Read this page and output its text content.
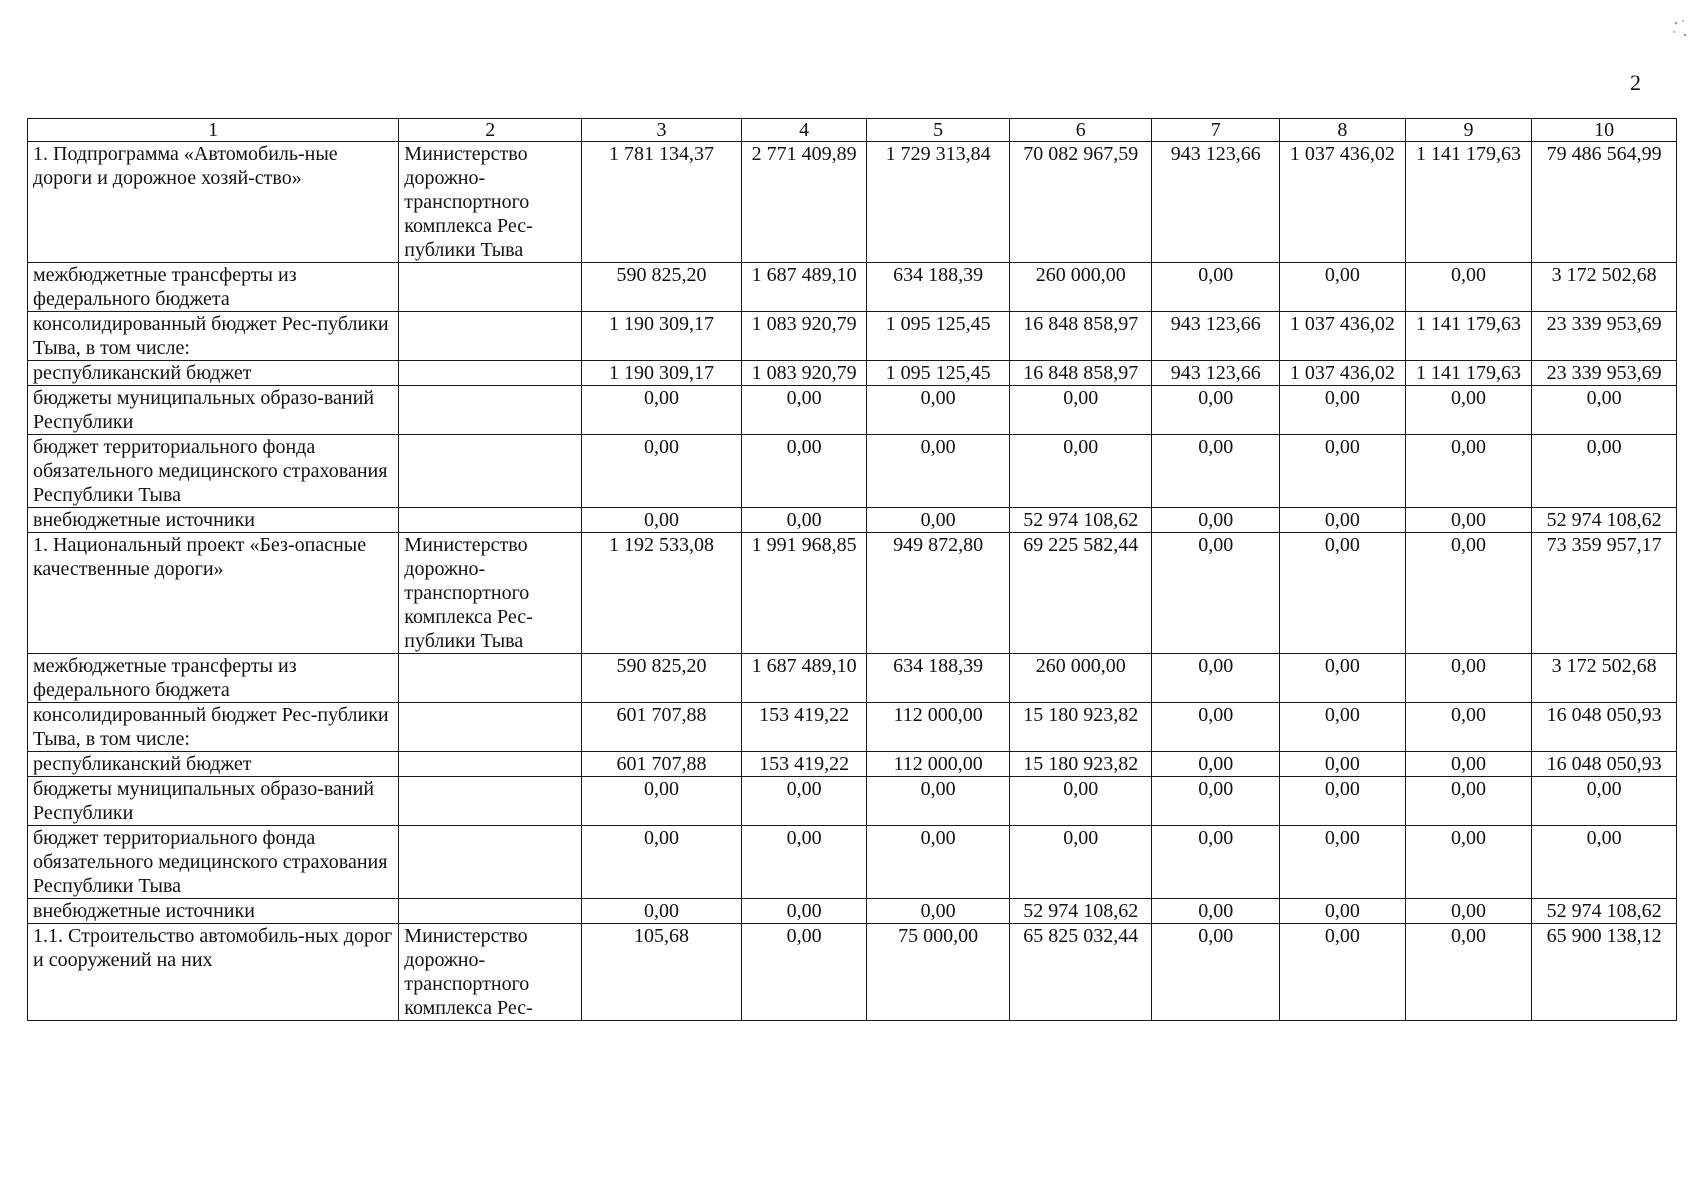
2
1	2	3	4	5	6	7	8	9	10
1. Подпрограмма «Автомобиль-ные дороги и дорожное хозяй-ство»	Министерство дорожно-транспортного комплекса Рес-публики Тыва	1 781 134,37	2 771 409,89	1 729 313,84	70 082 967,59	943 123,66	1 037 436,02	1 141 179,63	79 486 564,99
межбюджетные трансферты из федерального бюджета		590 825,20	1 687 489,10	634 188,39	260 000,00	0,00	0,00	0,00	3 172 502,68
консолидированный бюджет Рес-публики Тыва, в том числе:		1 190 309,17	1 083 920,79	1 095 125,45	16 848 858,97	943 123,66	1 037 436,02	1 141 179,63	23 339 953,69
республиканский бюджет		1 190 309,17	1 083 920,79	1 095 125,45	16 848 858,97	943 123,66	1 037 436,02	1 141 179,63	23 339 953,69
бюджеты муниципальных образо-ваний Республики		0,00	0,00	0,00	0,00	0,00	0,00	0,00	0,00
бюджет территориального фонда обязательного медицинского страхования Республики Тыва		0,00	0,00	0,00	0,00	0,00	0,00	0,00	0,00
внебюджетные источники		0,00	0,00	0,00	52 974 108,62	0,00	0,00	0,00	52 974 108,62
1. Национальный проект «Без-опасные качественные дороги»	Министерство дорожно-транспортного комплекса Рес-публики Тыва	1 192 533,08	1 991 968,85	949 872,80	69 225 582,44	0,00	0,00	0,00	73 359 957,17
межбюджетные трансферты из федерального бюджета		590 825,20	1 687 489,10	634 188,39	260 000,00	0,00	0,00	0,00	3 172 502,68
консолидированный бюджет Рес-публики Тыва, в том числе:		601 707,88	153 419,22	112 000,00	15 180 923,82	0,00	0,00	0,00	16 048 050,93
республиканский бюджет		601 707,88	153 419,22	112 000,00	15 180 923,82	0,00	0,00	0,00	16 048 050,93
бюджеты муниципальных образо-ваний Республики		0,00	0,00	0,00	0,00	0,00	0,00	0,00	0,00
бюджет территориального фонда обязательного медицинского страхования Республики Тыва		0,00	0,00	0,00	0,00	0,00	0,00	0,00	0,00
внебюджетные источники		0,00	0,00	0,00	52 974 108,62	0,00	0,00	0,00	52 974 108,62
1.1. Строительство автомобиль-ных дорог и сооружений на них	Министерство дорожно-транспортного комплекса Рес-	105,68	0,00	75 000,00	65 825 032,44	0,00	0,00	0,00	65 900 138,12
